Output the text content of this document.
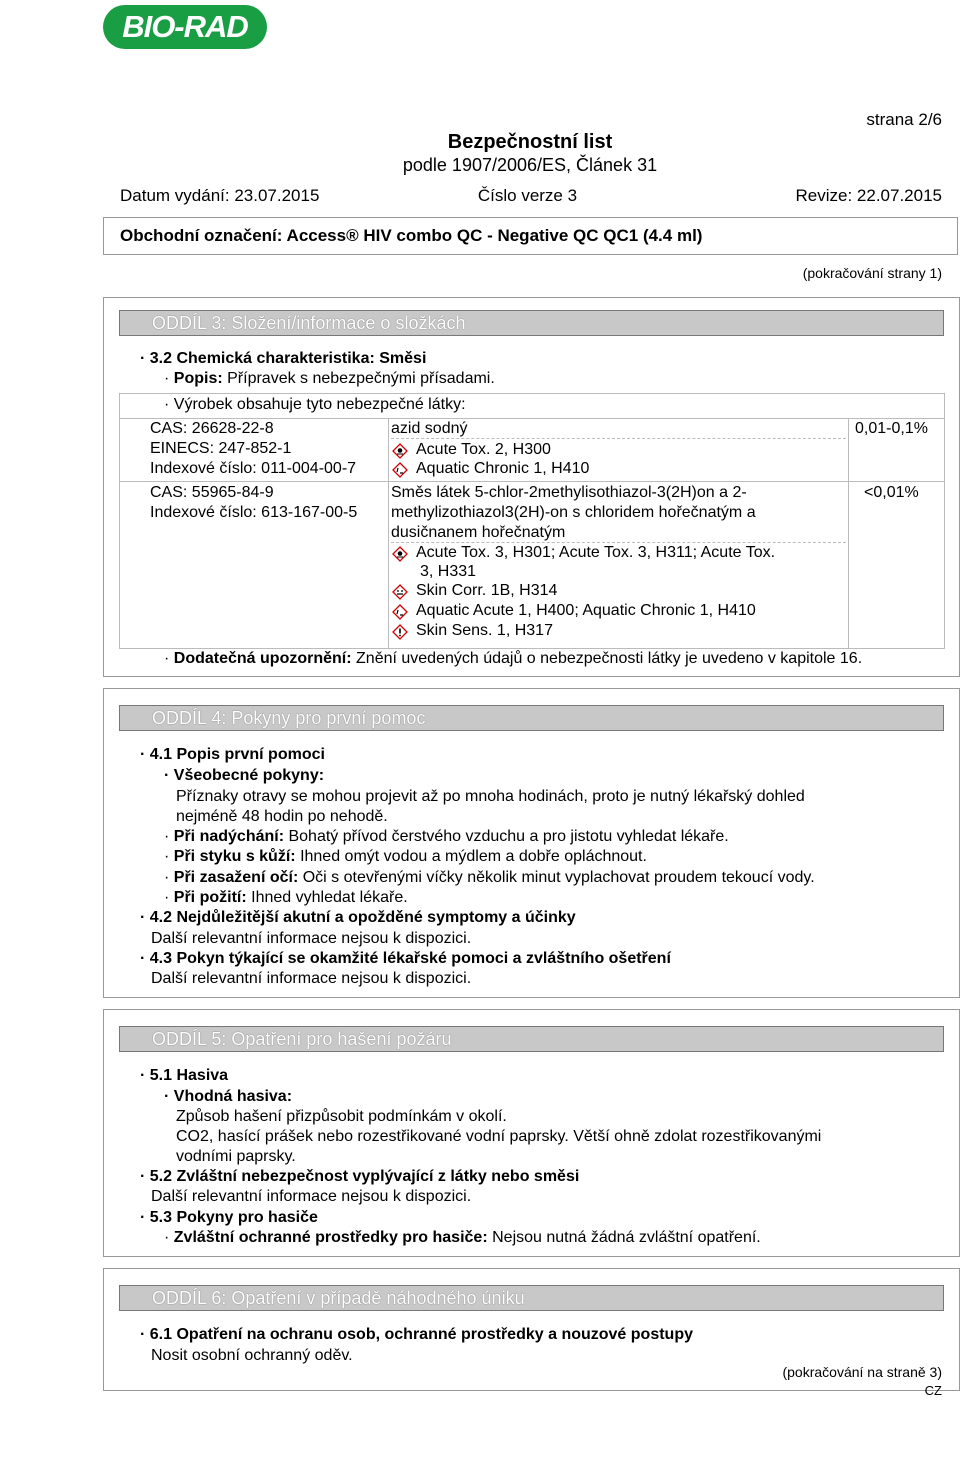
BIO-RAD
strana 2/6
Bezpečnostní list
podle 1907/2006/ES, Článek 31
Datum vydání: 23.07.2015	Číslo verze 3	Revize: 22.07.2015
Obchodní označení: Access® HIV combo QC - Negative QC QC1 (4.4 ml)
(pokračování strany 1)
ODDÍL 3: Složení/informace o složkách
· 3.2 Chemická charakteristika: Směsi
· Popis: Přípravek s nebezpečnými přísadami.
· Výrobek obsahuje tyto nebezpečné látky:
CAS: 26628-22-8
EINECS: 247-852-1
Indexové číslo: 011-004-00-7
azid sodný
Acute Tox. 2, H300
Aquatic Chronic 1, H410
0,01-0,1%
CAS: 55965-84-9
Indexové číslo: 613-167-00-5
Směs látek 5-chlor-2methylisothiazol-3(2H)on a 2-
methylizothiazol3(2H)-on s chloridem hořečnatým a
dusičnanem hořečnatým
Acute Tox. 3, H301; Acute Tox. 3, H311; Acute Tox.
3, H331
Skin Corr. 1B, H314
Aquatic Acute 1, H400; Aquatic Chronic 1, H410
Skin Sens. 1, H317
<0,01%
· Dodatečná upozornění: Znění uvedených údajů o nebezpečnosti látky je uvedeno v kapitole 16.
ODDÍL 4: Pokyny pro první pomoc
· 4.1 Popis první pomoci
· Všeobecné pokyny:
Příznaky otravy se mohou projevit až po mnoha hodinách, proto je nutný lékařský dohled
nejméně 48 hodin po nehodě.
· Při nadýchání: Bohatý přívod čerstvého vzduchu a pro jistotu vyhledat lékaře.
· Při styku s kůží: Ihned omýt vodou a mýdlem a dobře opláchnout.
· Při zasažení očí: Oči s otevřenými víčky několik minut vyplachovat proudem tekoucí vody.
· Při požití: Ihned vyhledat lékaře.
· 4.2 Nejdůležitější akutní a opožděné symptomy a účinky
Další relevantní informace nejsou k dispozici.
· 4.3 Pokyn týkající se okamžité lékařské pomoci a zvláštního ošetření
Další relevantní informace nejsou k dispozici.
ODDÍL 5: Opatření pro hašení požáru
· 5.1 Hasiva
· Vhodná hasiva:
Způsob hašení přizpůsobit podmínkám v okolí.
CO2, hasící prášek nebo rozestřikované vodní paprsky. Větší ohně zdolat rozestřikovanými
vodními paprsky.
· 5.2 Zvláštní nebezpečnost vyplývající z látky nebo směsi
Další relevantní informace nejsou k dispozici.
· 5.3 Pokyny pro hasiče
· Zvláštní ochranné prostředky pro hasiče: Nejsou nutná žádná zvláštní opatření.
ODDÍL 6: Opatření v případě náhodného úniku
· 6.1 Opatření na ochranu osob, ochranné prostředky a nouzové postupy
Nosit osobní ochranný oděv.
(pokračování na straně 3)
CZ
